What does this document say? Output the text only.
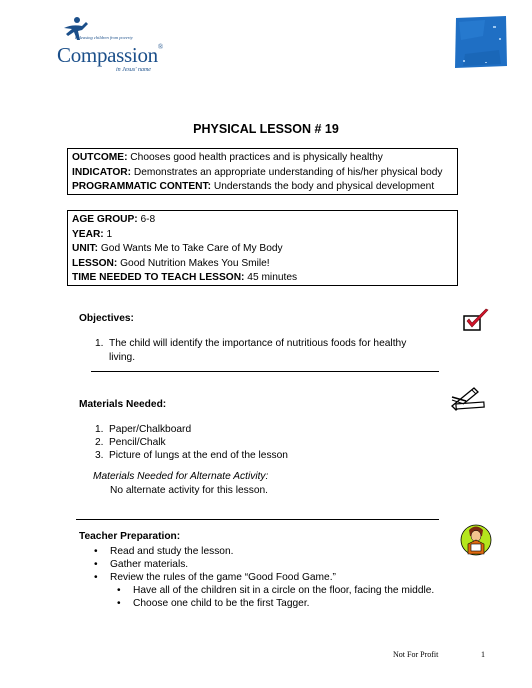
Releasing children from poverty
Compassion®
in Jesus' name
PHYSICAL LESSON # 19
OUTCOME: Chooses good health practices and is physically healthy
INDICATOR: Demonstrates an appropriate understanding of his/her physical body
PROGRAMMATIC CONTENT: Understands the body and physical development
AGE GROUP: 6-8
YEAR: 1
UNIT: God Wants Me to Take Care of My Body
LESSON: Good Nutrition Makes You Smile!
TIME NEEDED TO TEACH LESSON: 45 minutes
Objectives:
1. The child will identify the importance of nutritious foods for healthy
living.
Materials Needed:
1. Paper/Chalkboard
2. Pencil/Chalk
3. Picture of lungs at the end of the lesson
Materials Needed for Alternate Activity:
No alternate activity for this lesson.
Teacher Preparation:
• Read and study the lesson.
• Gather materials.
• Review the rules of the game “Good Food Game.”
• Have all of the children sit in a circle on the floor, facing the middle.
• Choose one child to be the first Tagger.
Not For Profit	1
